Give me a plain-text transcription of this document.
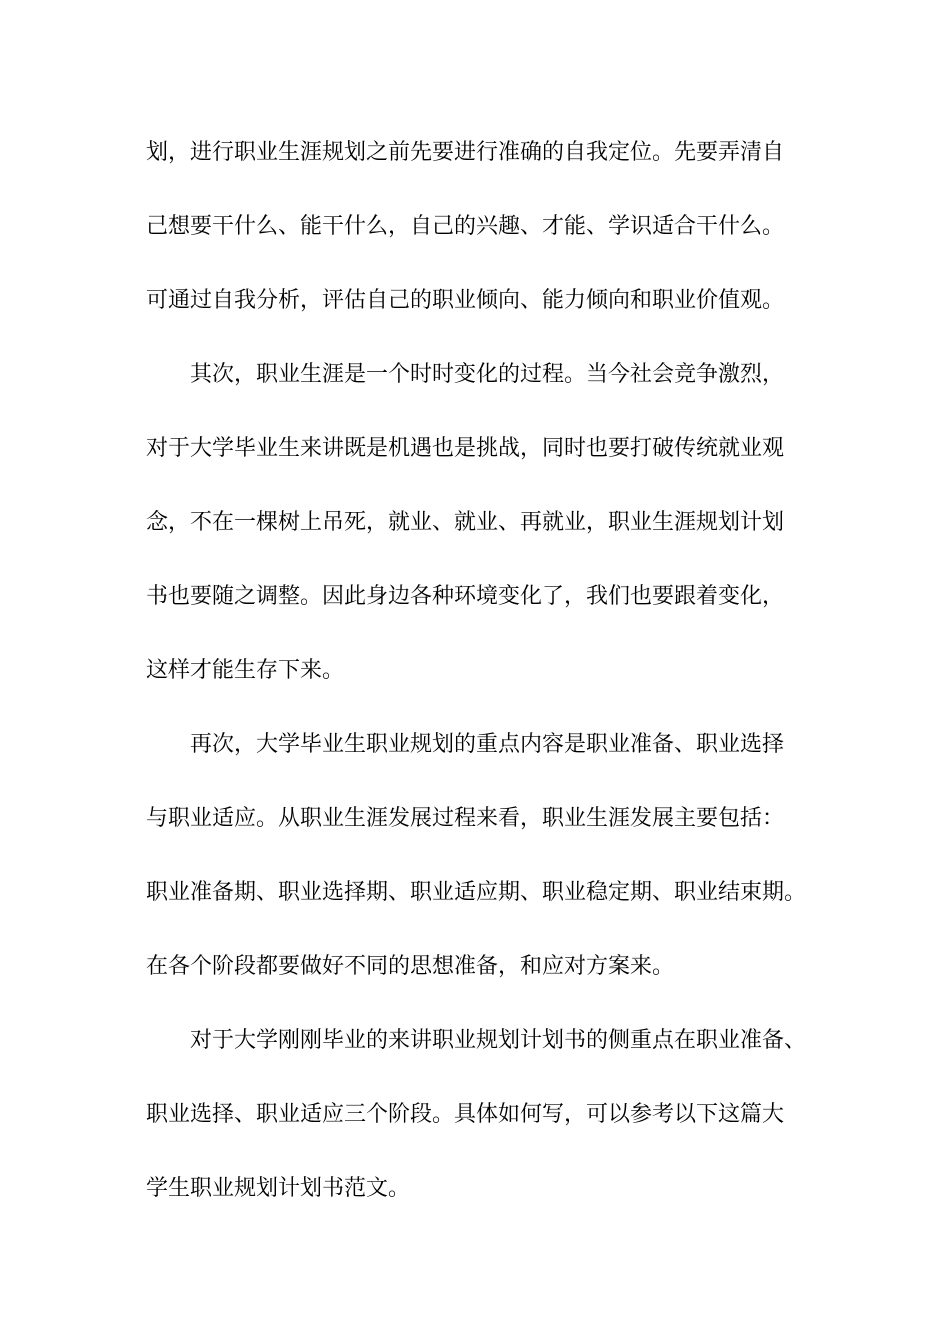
划，进行职业生涯规划之前先要进行准确的自我定位。先要弄清自
己想要干什么、能干什么，自己的兴趣、才能、学识适合干什么。
可通过自我分析，评估自己的职业倾向、能力倾向和职业价值观。
其次，职业生涯是一个时时变化的过程。当今社会竞争激烈，
对于大学毕业生来讲既是机遇也是挑战，同时也要打破传统就业观
念，不在一棵树上吊死，就业、就业、再就业，职业生涯规划计划
书也要随之调整。因此身边各种环境变化了，我们也要跟着变化，
这样才能生存下来。
再次，大学毕业生职业规划的重点内容是职业准备、职业选择
与职业适应。从职业生涯发展过程来看，职业生涯发展主要包括：
职业准备期、职业选择期、职业适应期、职业稳定期、职业结束期。
在各个阶段都要做好不同的思想准备，和应对方案来。
对于大学刚刚毕业的来讲职业规划计划书的侧重点在职业准备、
职业选择、职业适应三个阶段。具体如何写，可以参考以下这篇大
学生职业规划计划书范文。
